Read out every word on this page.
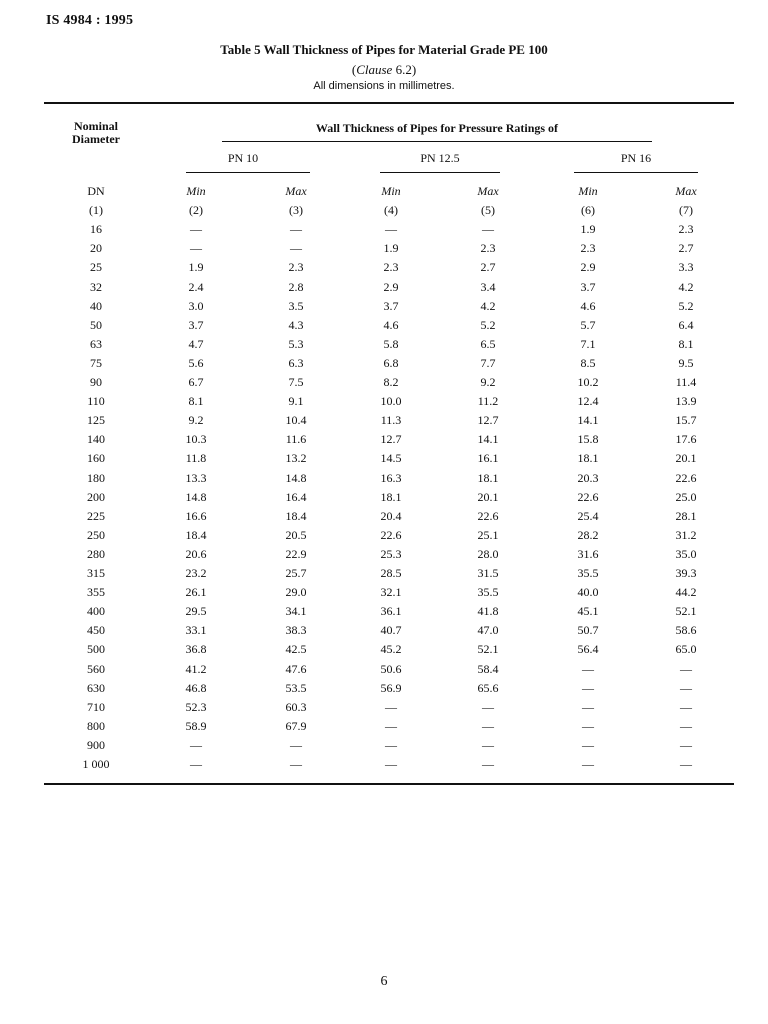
IS 4984 : 1995
Table 5 Wall Thickness of Pipes for Material Grade PE 100
(Clause 6.2)
All dimensions in millimetres.
Nominal
Diameter
Wall Thickness of Pipes for Pressure Ratings of
PN 10	PN 12.5	PN 16
DN	Min	Max	Min	Max	Min	Max
(1)	(2)	(3)	(4)	(5)	(6)	(7)
16	—	—	—	—	1.9	2.3
20	—	—	1.9	2.3	2.3	2.7
25	1.9	2.3	2.3	2.7	2.9	3.3
32	2.4	2.8	2.9	3.4	3.7	4.2
40	3.0	3.5	3.7	4.2	4.6	5.2
50	3.7	4.3	4.6	5.2	5.7	6.4
63	4.7	5.3	5.8	6.5	7.1	8.1
75	5.6	6.3	6.8	7.7	8.5	9.5
90	6.7	7.5	8.2	9.2	10.2	11.4
110	8.1	9.1	10.0	11.2	12.4	13.9
125	9.2	10.4	11.3	12.7	14.1	15.7
140	10.3	11.6	12.7	14.1	15.8	17.6
160	11.8	13.2	14.5	16.1	18.1	20.1
180	13.3	14.8	16.3	18.1	20.3	22.6
200	14.8	16.4	18.1	20.1	22.6	25.0
225	16.6	18.4	20.4	22.6	25.4	28.1
250	18.4	20.5	22.6	25.1	28.2	31.2
280	20.6	22.9	25.3	28.0	31.6	35.0
315	23.2	25.7	28.5	31.5	35.5	39.3
355	26.1	29.0	32.1	35.5	40.0	44.2
400	29.5	34.1	36.1	41.8	45.1	52.1
450	33.1	38.3	40.7	47.0	50.7	58.6
500	36.8	42.5	45.2	52.1	56.4	65.0
560	41.2	47.6	50.6	58.4	—	—
630	46.8	53.5	56.9	65.6	—	—
710	52.3	60.3	—	—	—	—
800	58.9	67.9	—	—	—	—
900	—	—	—	—	—	—
1 000	—	—	—	—	—	—
6
